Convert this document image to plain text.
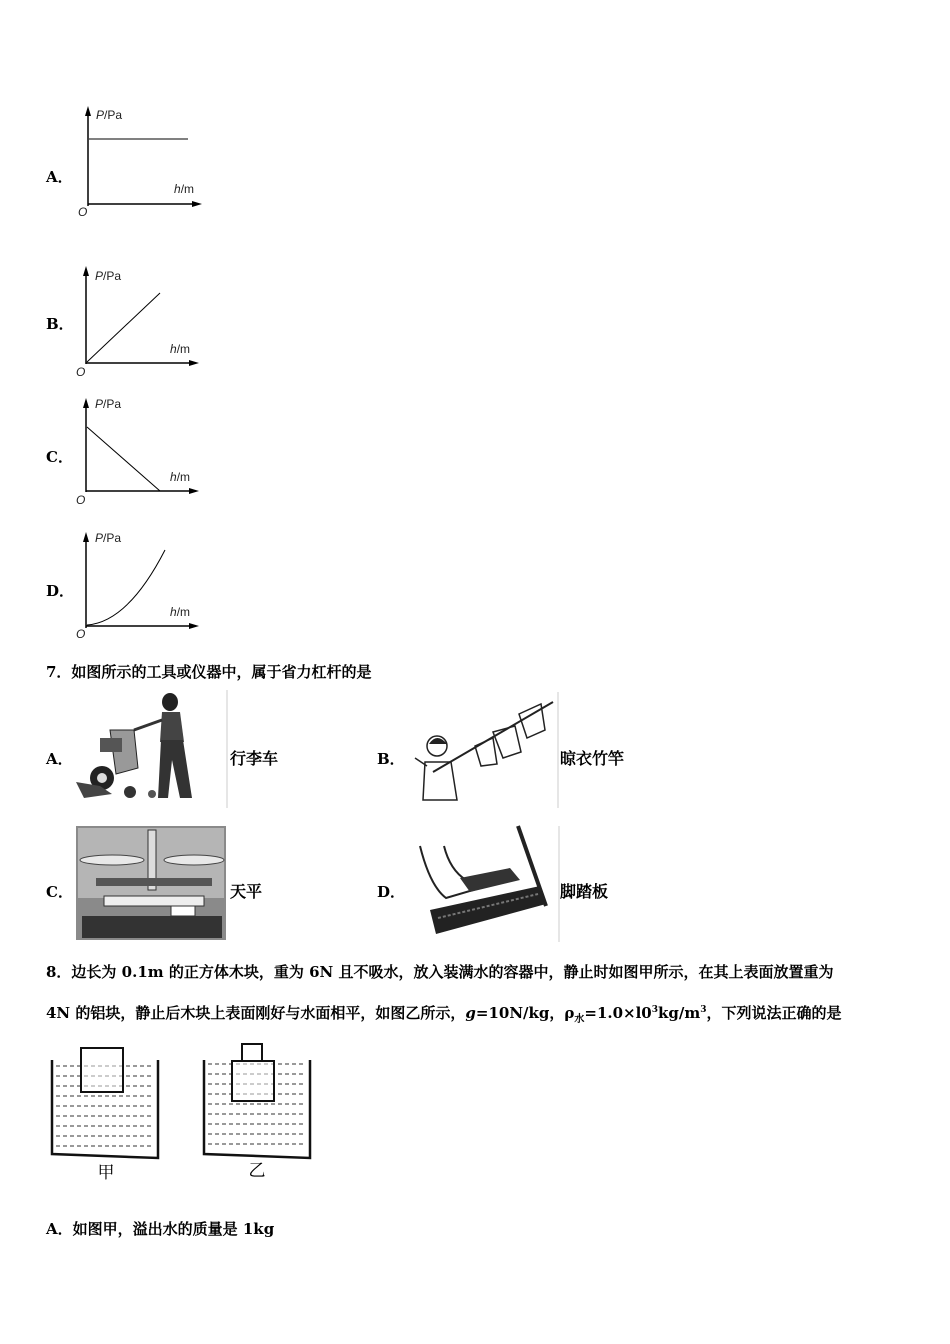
A．
P/Pa
h/m
O
B．
P/Pa
h/m
O
C．
P/Pa
h/m
O
D．
P/Pa
h/m
O
7．如图所示的工具或仪器中，属于省力杠杆的是
A．	行李车	B．	晾衣竹竿
C．	天平	D．	脚踏板
8．边长为 0.1m 的正方体木块，重为 6N 且不吸水，放入装满水的容器中，静止时如图甲所示，在其上表面放置重为
4N 的铝块，静止后木块上表面刚好与水面相平，如图乙所示，g=10N/kg，$\rho_水=1.0\times l0^3kg/m^3$，下列说法正确的是
甲	乙
A．如图甲，溢出水的质量是 1kg
